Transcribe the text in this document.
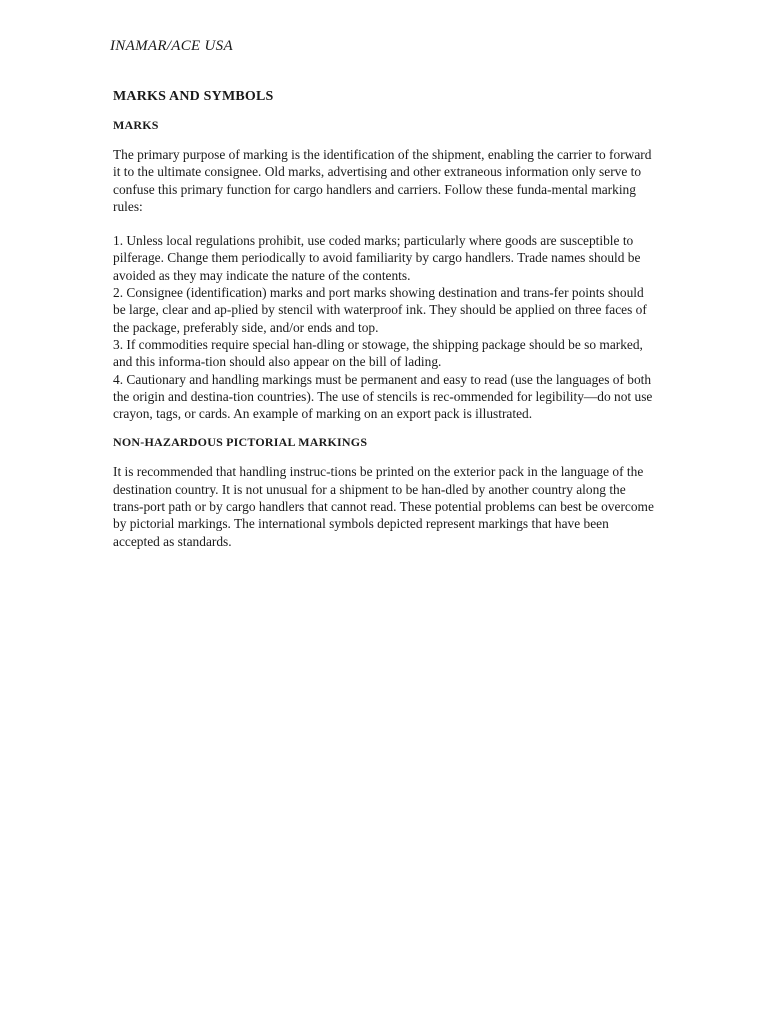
INAMAR/ACE USA

MARKS AND SYMBOLS

MARKS

The primary purpose of marking is the identification of the shipment, enabling the carrier to forward it to the ultimate consignee. Old marks, advertising and other extraneous information only serve to confuse this primary function for cargo handlers and carriers. Follow these funda-mental marking rules:

1. Unless local regulations prohibit, use coded marks; particularly where goods are susceptible to pilferage. Change them periodically to avoid familiarity by cargo handlers. Trade names should be avoided as they may indicate the nature of the contents.

2. Consignee (identification) marks and port marks showing destination and trans-fer points should be large, clear and ap-plied by stencil with waterproof ink. They should be applied on three faces of the package, preferably side, and/or ends and top.

3. If commodities require special han-dling or stowage, the shipping package should be so marked, and this informa-tion should also appear on the bill of lading.

4. Cautionary and handling markings must be permanent and easy to read (use the languages of both the origin and destina-tion countries). The use of stencils is rec-ommended for legibility—do not use crayon, tags, or cards. An example of marking on an export pack is illustrated.

NON-HAZARDOUS PICTORIAL MARKINGS

It is recommended that handling instruc-tions be printed on the exterior pack in the language of the destination country. It is not unusual for a shipment to be han-dled by another country along the trans-port path or by cargo handlers that cannot read. These potential problems can best be overcome by pictorial markings. The international symbols depicted represent markings that have been accepted as standards.
